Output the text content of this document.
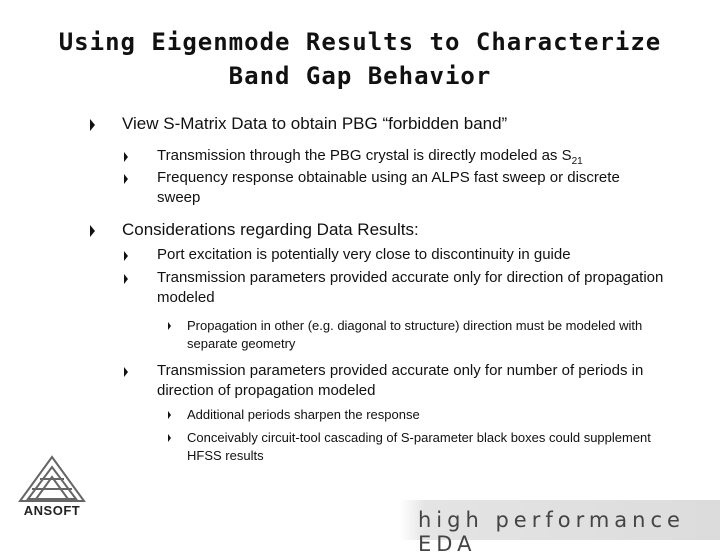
Using Eigenmode Results to Characterize
Band Gap Behavior
View S-Matrix Data to obtain PBG “forbidden band”
Transmission through the PBG crystal is directly modeled as $S_{21}$
Frequency response obtainable using an ALPS fast sweep or discrete sweep
Considerations regarding Data Results:
Port excitation is potentially very close to discontinuity in guide
Transmission parameters provided accurate only for direction of propagation modeled
Propagation in other (e.g. diagonal to structure) direction must be modeled with separate geometry
Transmission parameters provided accurate only for number of periods in direction of propagation modeled
Additional periods sharpen the response
Conceivably circuit-tool cascading of S-parameter black boxes could supplement HFSS results
ANSOFT	high performance EDA
